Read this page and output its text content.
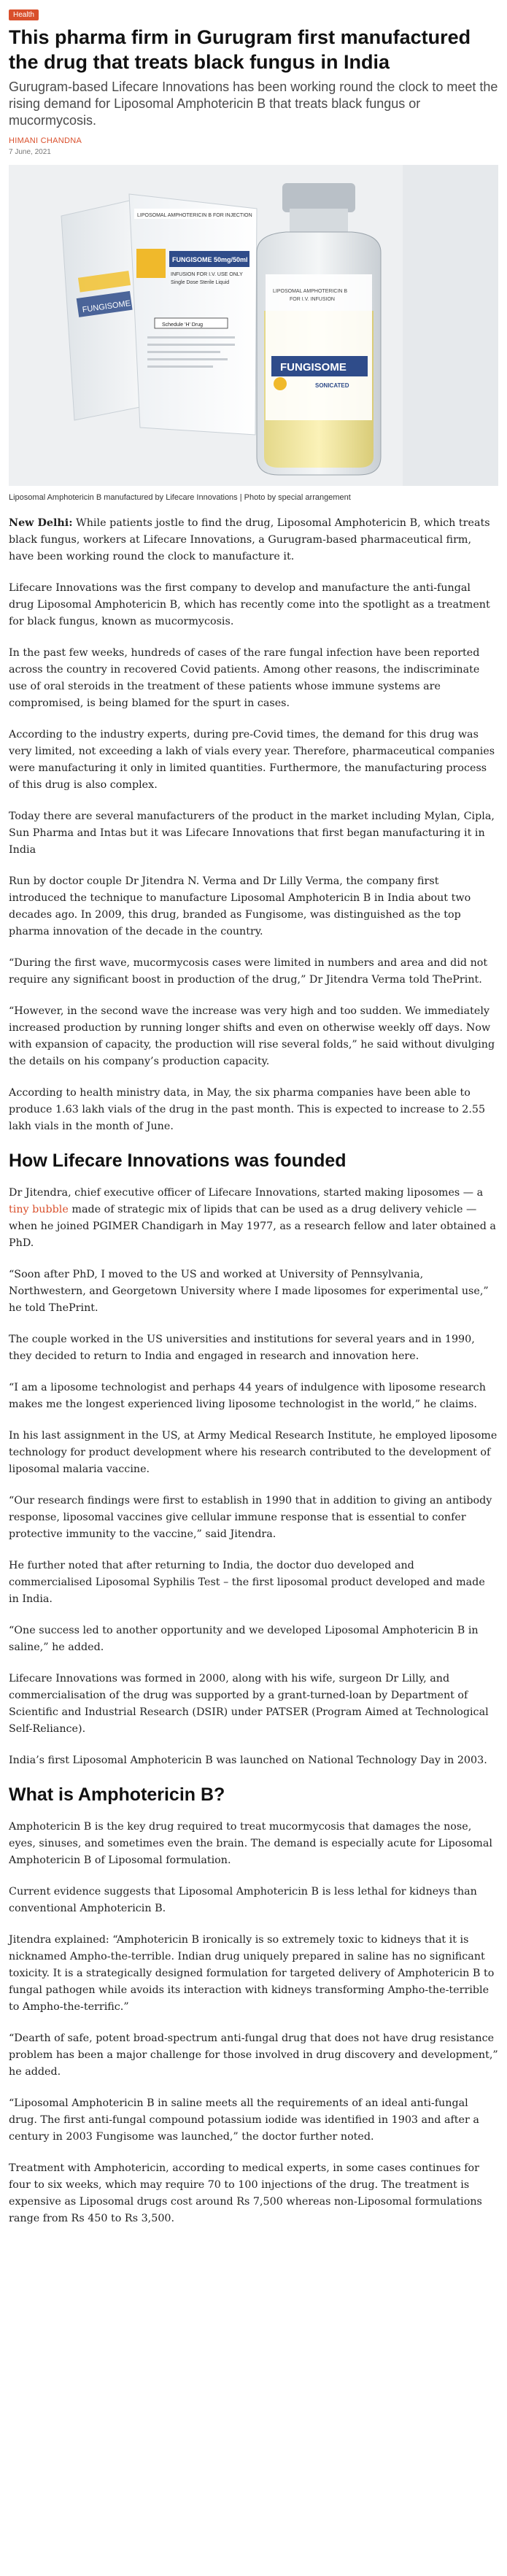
Health
This pharma firm in Gurugram first manufactured the drug that treats black fungus in India

Gurugram-based Lifecare Innovations has been working round the clock to meet the rising demand for Liposomal Amphotericin B that treats black fungus or mucormycosis.

HIMANI CHANDNA
7 June, 2021
FUNGISOME
LIPOSOMAL AMPHOTERICIN B FOR INJECTION
FUNGISOME 50mg/50ml
INFUSION FOR I.V. USE ONLY
Single Dose Sterile Liquid
Schedule 'H' Drug
LIPOSOMAL AMPHOTERICIN B
FOR I.V. INFUSION
FUNGISOME
SONICATED
Liposomal Amphotericin B manufactured by Lifecare Innovations | Photo by special arrangement

New Delhi: While patients jostle to find the drug, Liposomal Amphotericin B, which treats black fungus, workers at Lifecare Innovations, a Gurugram-based pharmaceutical firm, have been working round the clock to manufacture it.

Lifecare Innovations was the first company to develop and manufacture the anti-fungal drug Liposomal Amphotericin B, which has recently come into the spotlight as a treatment for black fungus, known as mucormycosis.

In the past few weeks, hundreds of cases of the rare fungal infection have been reported across the country in recovered Covid patients. Among other reasons, the indiscriminate use of oral steroids in the treatment of these patients whose immune systems are compromised, is being blamed for the spurt in cases.

According to the industry experts, during pre-Covid times, the demand for this drug was very limited, not exceeding a lakh of vials every year. Therefore, pharmaceutical companies were manufacturing it only in limited quantities. Furthermore, the manufacturing process of this drug is also complex.

Today there are several manufacturers of the product in the market including Mylan, Cipla, Sun Pharma and Intas but it was Lifecare Innovations that first began manufacturing it in India

Run by doctor couple Dr Jitendra N. Verma and Dr Lilly Verma, the company first introduced the technique to manufacture Liposomal Amphotericin B in India about two decades ago. In 2009, this drug, branded as Fungisome, was distinguished as the top pharma innovation of the decade in the country.

“During the first wave, mucormycosis cases were limited in numbers and area and did not require any significant boost in production of the drug,” Dr Jitendra Verma told ThePrint.

“However, in the second wave the increase was very high and too sudden. We immediately increased production by running longer shifts and even on otherwise weekly off days. Now with expansion of capacity, the production will rise several folds,” he said without divulging the details on his company’s production capacity.

According to health ministry data, in May, the six pharma companies have been able to produce 1.63 lakh vials of the drug in the past month. This is expected to increase to 2.55 lakh vials in the month of June.

How Lifecare Innovations was founded

Dr Jitendra, chief executive officer of Lifecare Innovations, started making liposomes — a tiny bubble made of strategic mix of lipids that can be used as a drug delivery vehicle — when he joined PGIMER Chandigarh in May 1977, as a research fellow and later obtained a PhD.

“Soon after PhD, I moved to the US and worked at University of Pennsylvania, Northwestern, and Georgetown University where I made liposomes for experimental use,” he told ThePrint.

The couple worked in the US universities and institutions for several years and in 1990, they decided to return to India and engaged in research and innovation here.

“I am a liposome technologist and perhaps 44 years of indulgence with liposome research makes me the longest experienced living liposome technologist in the world,” he claims.

In his last assignment in the US, at Army Medical Research Institute, he employed liposome technology for product development where his research contributed to the development of liposomal malaria vaccine.

“Our research findings were first to establish in 1990 that in addition to giving an antibody response, liposomal vaccines give cellular immune response that is essential to confer protective immunity to the vaccine,” said Jitendra.

He further noted that after returning to India, the doctor duo developed and commercialised Liposomal Syphilis Test – the first liposomal product developed and made in India.

“One success led to another opportunity and we developed Liposomal Amphotericin B in saline,” he added.

Lifecare Innovations was formed in 2000, along with his wife, surgeon Dr Lilly, and commercialisation of the drug was supported by a grant-turned-loan by Department of Scientific and Industrial Research (DSIR) under PATSER (Program Aimed at Technological Self-Reliance).

India’s first Liposomal Amphotericin B was launched on National Technology Day in 2003.

What is Amphotericin B?

Amphotericin B is the key drug required to treat mucormycosis that damages the nose, eyes, sinuses, and sometimes even the brain. The demand is especially acute for Liposomal Amphotericin B of Liposomal formulation.

Current evidence suggests that Liposomal Amphotericin B is less lethal for kidneys than conventional Amphotericin B.

Jitendra explained: “Amphotericin B ironically is so extremely toxic to kidneys that it is nicknamed Ampho-the-terrible. Indian drug uniquely prepared in saline has no significant toxicity. It is a strategically designed formulation for targeted delivery of Amphotericin B to fungal pathogen while avoids its interaction with kidneys transforming Ampho-the-terrible to Ampho-the-terrific.”

“Dearth of safe, potent broad-spectrum anti-fungal drug that does not have drug resistance problem has been a major challenge for those involved in drug discovery and development,” he added.

“Liposomal Amphotericin B in saline meets all the requirements of an ideal anti-fungal drug. The first anti-fungal compound potassium iodide was identified in 1903 and after a century in 2003 Fungisome was launched,” the doctor further noted.

Treatment with Amphotericin, according to medical experts, in some cases continues for four to six weeks, which may require 70 to 100 injections of the drug. The treatment is expensive as Liposomal drugs cost around Rs 7,500 whereas non-Liposomal formulations range from Rs 450 to Rs 3,500.
